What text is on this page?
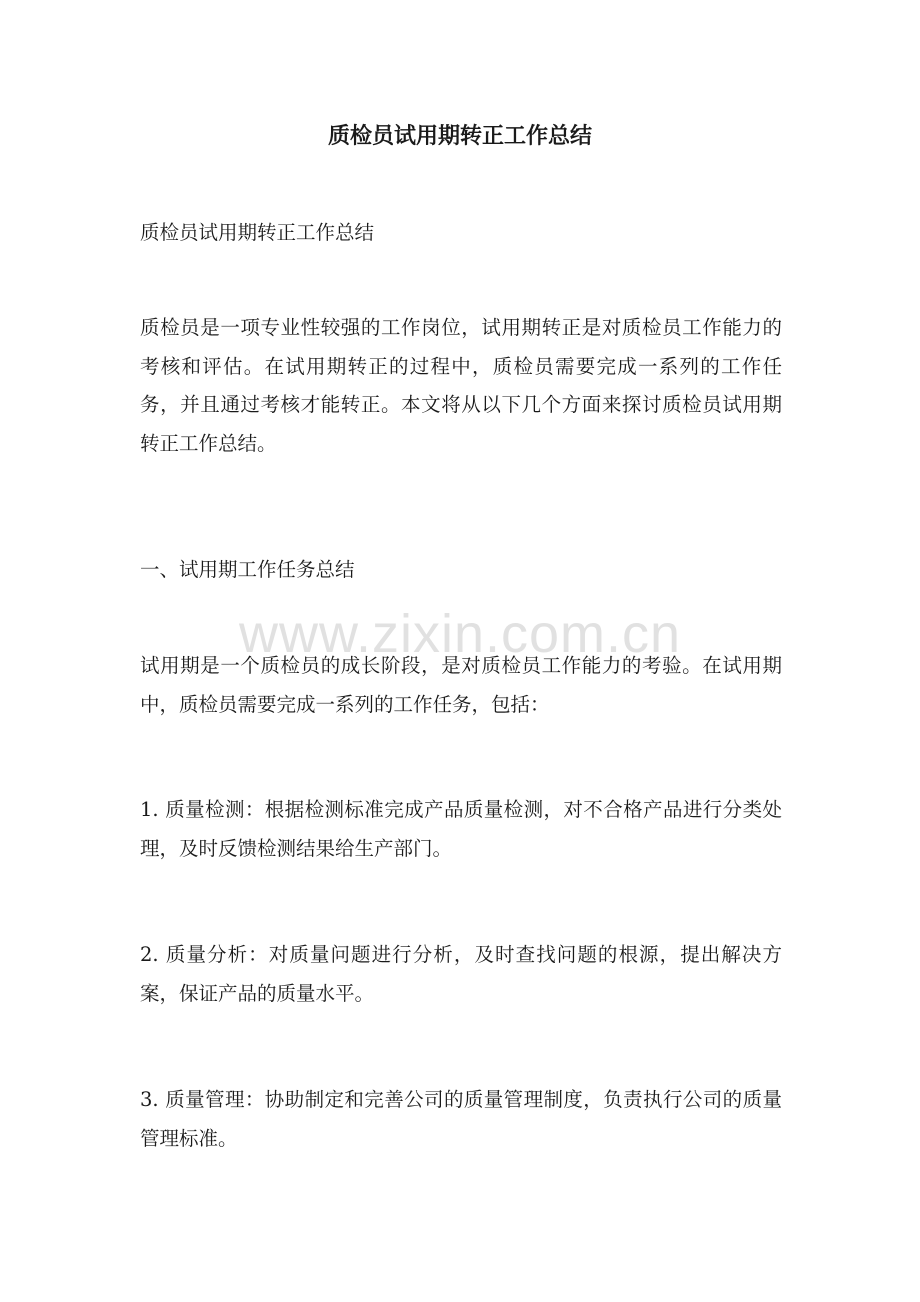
质检员试用期转正工作总结

质检员试用期转正工作总结

质检员是一项专业性较强的工作岗位，试用期转正是对质检员工作能力的考核和评估。在试用期转正的过程中，质检员需要完成一系列的工作任务，并且通过考核才能转正。本文将从以下几个方面来探讨质检员试用期转正工作总结。

一、试用期工作任务总结

www.zixin.com.cn

试用期是一个质检员的成长阶段，是对质检员工作能力的考验。在试用期中，质检员需要完成一系列的工作任务，包括：

1. 质量检测：根据检测标准完成产品质量检测，对不合格产品进行分类处理，及时反馈检测结果给生产部门。

2. 质量分析：对质量问题进行分析，及时查找问题的根源，提出解决方案，保证产品的质量水平。

3. 质量管理：协助制定和完善公司的质量管理制度，负责执行公司的质量管理标准。
